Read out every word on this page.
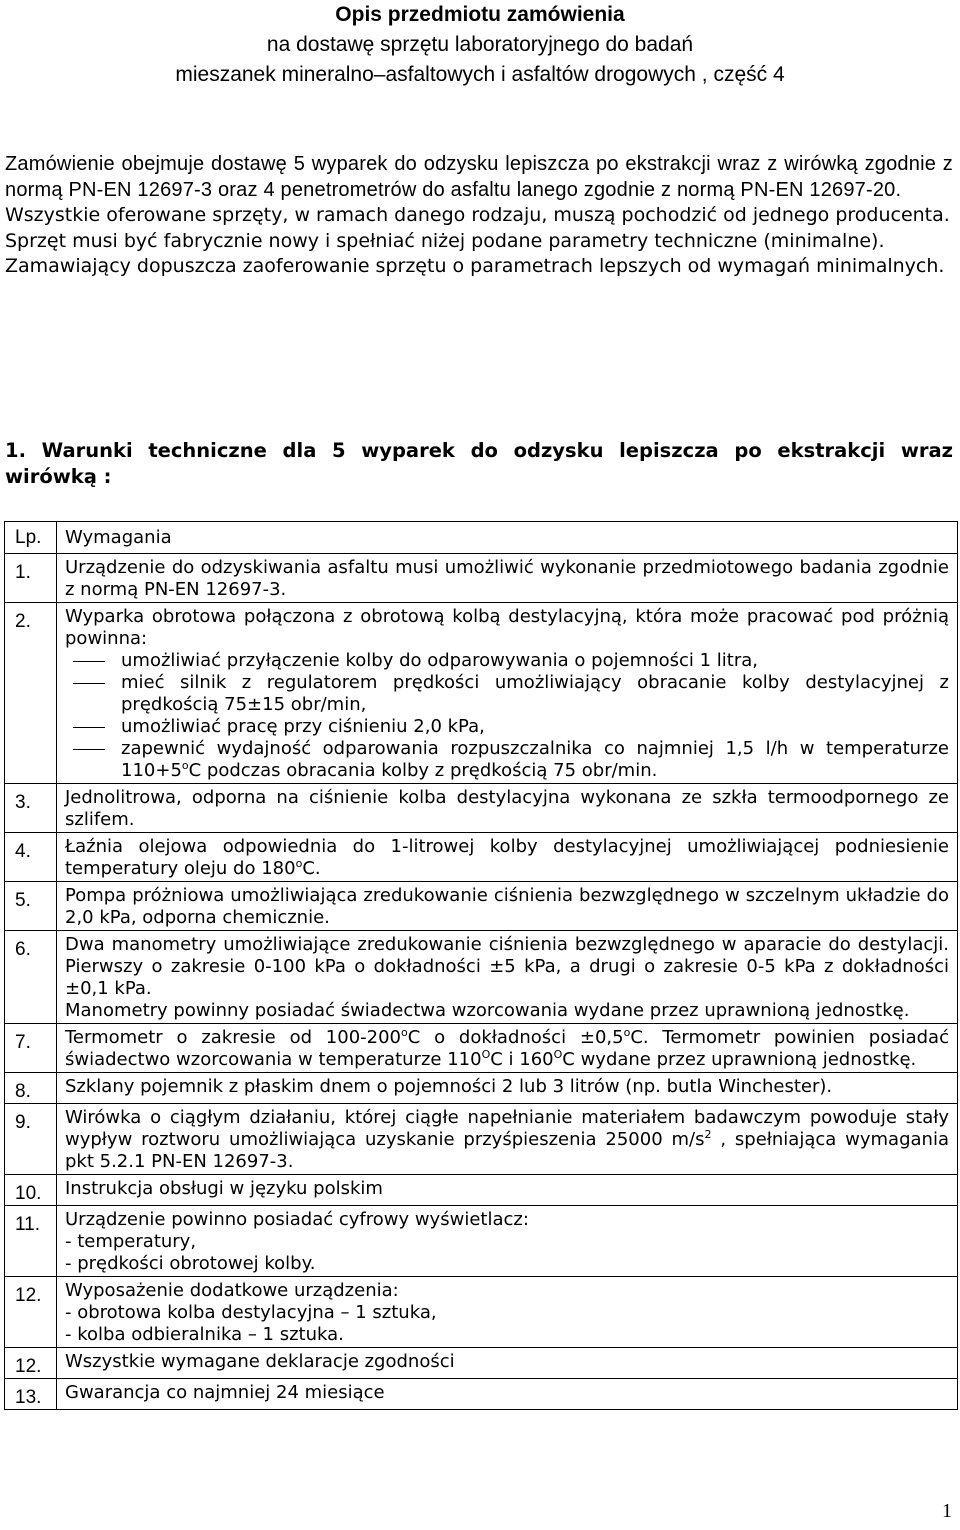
Opis przedmiotu zamówienia
na dostawę sprzętu laboratoryjnego do badań
mieszanek mineralno–asfaltowych i asfaltów drogowych , część 4

Zamówienie obejmuje dostawę 5 wyparek do odzysku lepiszcza po ekstrakcji wraz z wirówką zgodnie z normą PN-EN 12697-3 oraz 4 penetrometrów do asfaltu lanego zgodnie z normą PN-EN 12697-20.

Wszystkie oferowane sprzęty, w ramach danego rodzaju, muszą pochodzić od jednego producenta.

Sprzęt musi być fabrycznie nowy i spełniać niżej podane parametry techniczne (minimalne).

Zamawiający dopuszcza zaoferowanie sprzętu o parametrach lepszych od wymagań minimalnych.

1. Warunki techniczne dla 5 wyparek do odzysku lepiszcza po ekstrakcji wraz wirówką :

Lp.	Wymagania
1.	Urządzenie do odzyskiwania asfaltu musi umożliwić wykonanie przedmiotowego badania zgodnie z normą PN-EN 12697-3.
2.	Wyparka obrotowa połączona z obrotową kolbą destylacyjną, która może pracować pod próżnią powinna:
umożliwiać przyłączenie kolby do odparowywania o pojemności 1 litra,
mieć silnik z regulatorem prędkości umożliwiający obracanie kolby destylacyjnej z prędkością 75±15 obr/min,
umożliwiać pracę przy ciśnieniu 2,0 kPa,
zapewnić wydajność odparowania rozpuszczalnika co najmniej 1,5 l/h w temperaturze $110+5^oC$ podczas obracania kolby z prędkością 75 obr/min.

3.	Jednolitrowa, odporna na ciśnienie kolba destylacyjna wykonana ze szkła termoodpornego ze szlifem.
4.	Łaźnia olejowa odpowiednia do 1-litrowej kolby destylacyjnej umożliwiającej podniesienie temperatury oleju do 180$^o$C.
5.	Pompa próżniowa umożliwiająca zredukowanie ciśnienia bezwzględnego w szczelnym układzie do 2,0 kPa, odporna chemicznie.
6.	Dwa manometry umożliwiające zredukowanie ciśnienia bezwzględnego w aparacie do destylacji. Pierwszy o zakresie 0-100 kPa o dokładności ±5 kPa, a drugi o zakresie 0-5 kPa z dokładności ±0,1 kPa.
Manometry powinny posiadać świadectwa wzorcowania wydane przez uprawnioną jednostkę.

7.	Termometr o zakresie od 100-200$^o$C o dokładności $\pm 0,5^oC$. Termometr powinien posiadać świadectwo wzorcowania w temperaturze $110^OC$ i $160^OC$ wydane przez uprawnioną jednostkę.
8.	Szklany pojemnik z płaskim dnem o pojemności 2 lub 3 litrów (np. butla Winchester).
9.	Wirówka o ciągłym działaniu, której ciągłe napełnianie materiałem badawczym powoduje stały wypływ roztworu umożliwiająca uzyskanie przyśpieszenia 25000 $m/s^2$ , spełniająca wymagania pkt 5.2.1 PN-EN 12697-3.
10.	Instrukcja obsługi w języku polskim
11.	Urządzenie powinno posiadać cyfrowy wyświetlacz:
- temperatury,
- prędkości obrotowej kolby.

12.	Wyposażenie dodatkowe urządzenia:
- obrotowa kolba destylacyjna – 1 sztuka,
- kolba odbieralnika – 1 sztuka.

12.	Wszystkie wymagane deklaracje zgodności
13.	Gwarancja co najmniej 24 miesiące
1
